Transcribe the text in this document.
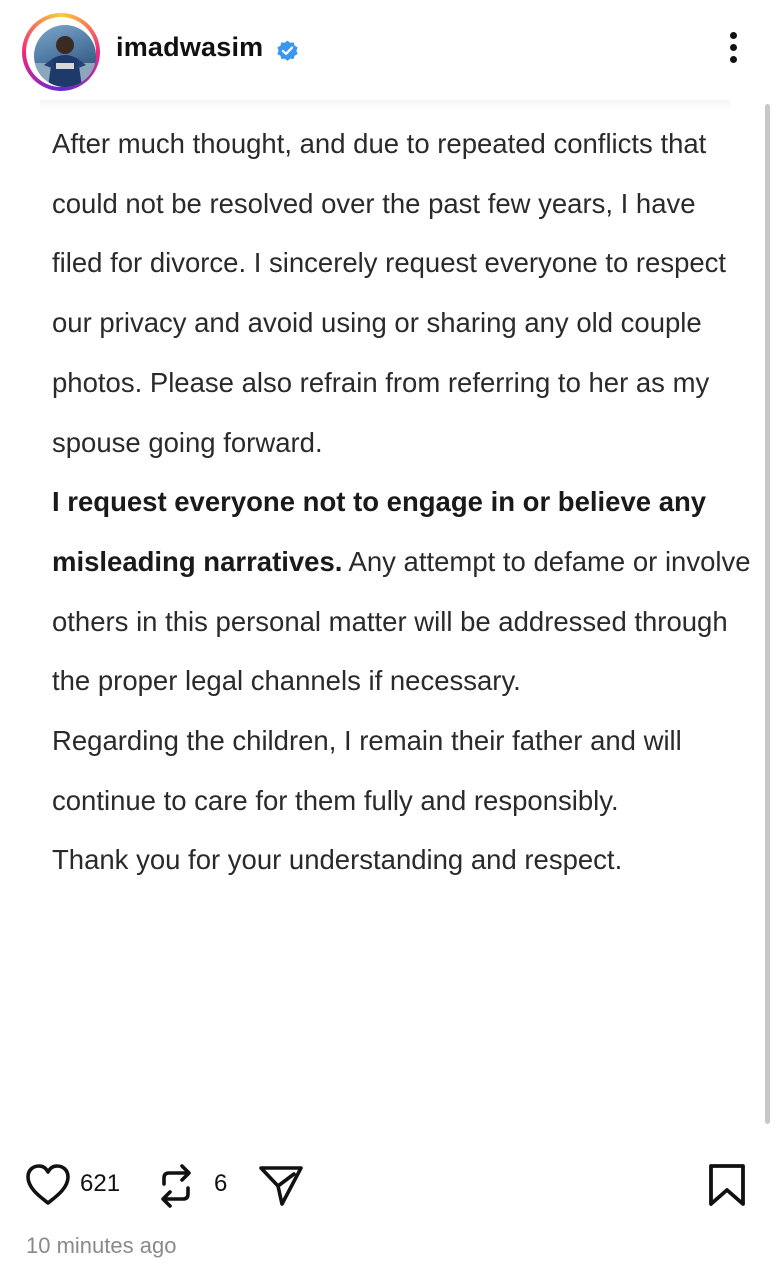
imadwasim

After much thought, and due to repeated conflicts that could not be resolved over the past few years, I have filed for divorce. I sincerely request everyone to respect our privacy and avoid using or sharing any old couple photos. Please also refrain from referring to her as my spouse going forward.

I request everyone not to engage in or believe any misleading narratives. Any attempt to defame or involve others in this personal matter will be addressed through the proper legal channels if necessary.

Regarding the children, I remain their father and will continue to care for them fully and responsibly.

Thank you for your understanding and respect.

621	6
10 minutes ago
